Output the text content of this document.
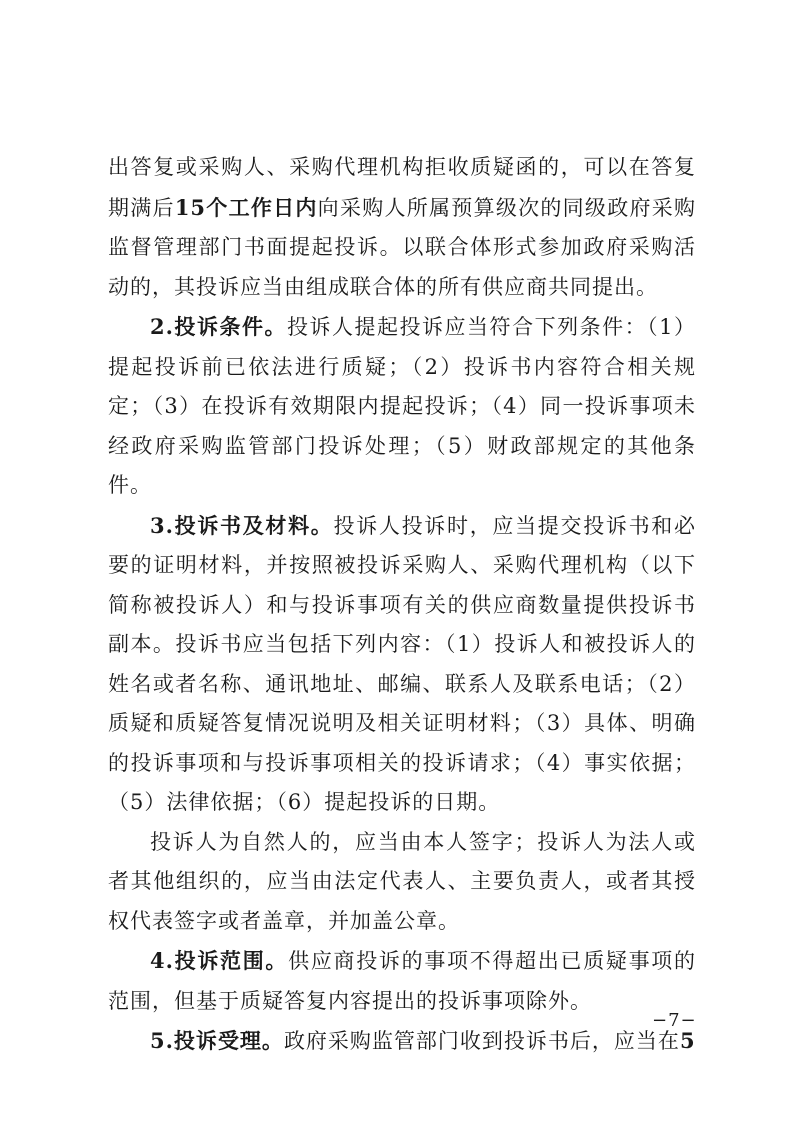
出答复或采购人、采购代理机构拒收质疑函的，可以在答复期满后15个工作日内向采购人所属预算级次的同级政府采购监督管理部门书面提起投诉。以联合体形式参加政府采购活动的，其投诉应当由组成联合体的所有供应商共同提出。

2.投诉条件。投诉人提起投诉应当符合下列条件：（1）提起投诉前已依法进行质疑；（2）投诉书内容符合相关规定；（3）在投诉有效期限内提起投诉；（4）同一投诉事项未经政府采购监管部门投诉处理；（5）财政部规定的其他条件。

3.投诉书及材料。投诉人投诉时，应当提交投诉书和必要的证明材料，并按照被投诉采购人、采购代理机构（以下简称被投诉人）和与投诉事项有关的供应商数量提供投诉书副本。投诉书应当包括下列内容：（1）投诉人和被投诉人的姓名或者名称、通讯地址、邮编、联系人及联系电话；（2）质疑和质疑答复情况说明及相关证明材料；（3）具体、明确的投诉事项和与投诉事项相关的投诉请求；（4）事实依据；（5）法律依据；（6）提起投诉的日期。

投诉人为自然人的，应当由本人签字；投诉人为法人或者其他组织的，应当由法定代表人、主要负责人，或者其授权代表签字或者盖章，并加盖公章。

4.投诉范围。供应商投诉的事项不得超出已质疑事项的范围，但基于质疑答复内容提出的投诉事项除外。

5.投诉受理。政府采购监管部门收到投诉书后，应当在5

−7−
